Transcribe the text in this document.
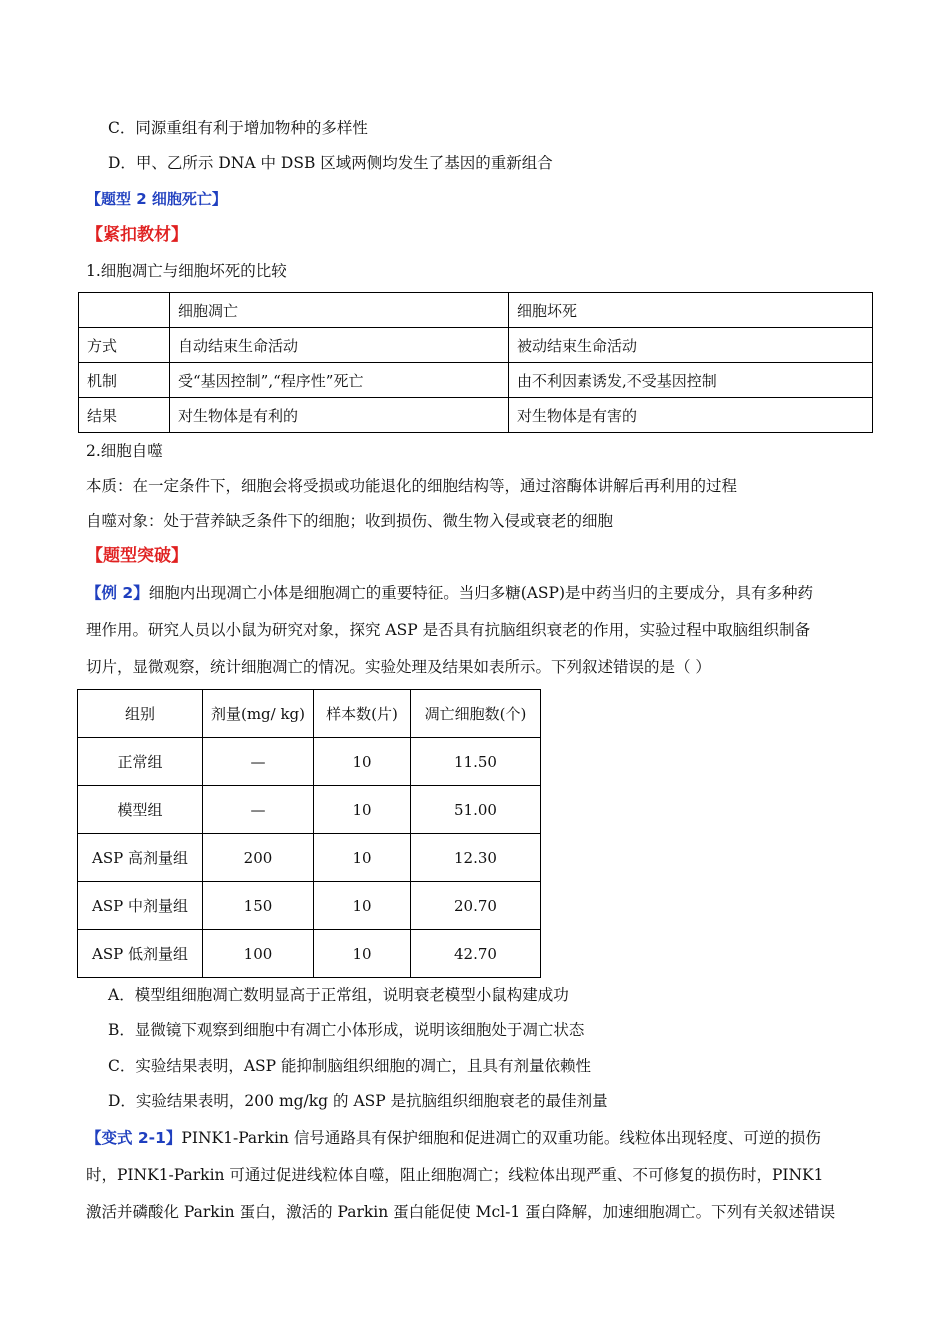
C．同源重组有利于增加物种的多样性
D．甲、乙所示 DNA 中 DSB 区域两侧均发生了基因的重新组合
【题型 2 细胞死亡】
【紧扣教材】
1.细胞凋亡与细胞坏死的比较
	细胞凋亡	细胞坏死
方式	自动结束生命活动	被动结束生命活动
机制	受“基因控制”,“程序性”死亡	由不利因素诱发,不受基因控制
结果	对生物体是有利的	对生物体是有害的
2.细胞自噬
本质：在一定条件下，细胞会将受损或功能退化的细胞结构等，通过溶酶体讲解后再利用的过程
自噬对象：处于营养缺乏条件下的细胞；收到损伤、微生物入侵或衰老的细胞
【题型突破】
【例 2】细胞内出现凋亡小体是细胞凋亡的重要特征。当归多糖(ASP)是中药当归的主要成分，具有多种药
理作用。研究人员以小鼠为研究对象，探究 ASP 是否具有抗脑组织衰老的作用，实验过程中取脑组织制备
切片，显微观察，统计细胞凋亡的情况。实验处理及结果如表所示。下列叙述错误的是（ ）
组别	剂量(mg/ kg)	样本数(片)	凋亡细胞数(个)
正常组	—	10	11.50
模型组	—	10	51.00
ASP 高剂量组	200	10	12.30
ASP 中剂量组	150	10	20.70
ASP 低剂量组	100	10	42.70
A．模型组细胞凋亡数明显高于正常组，说明衰老模型小鼠构建成功
B．显微镜下观察到细胞中有凋亡小体形成，说明该细胞处于凋亡状态
C．实验结果表明，ASP 能抑制脑组织细胞的凋亡，且具有剂量依赖性
D．实验结果表明，200 mg/kg 的 ASP 是抗脑组织细胞衰老的最佳剂量
【变式 2-1】PINK1-Parkin 信号通路具有保护细胞和促进凋亡的双重功能。线粒体出现轻度、可逆的损伤
时，PINK1-Parkin 可通过促进线粒体自噬，阻止细胞凋亡；线粒体出现严重、不可修复的损伤时，PINK1
激活并磷酸化 Parkin 蛋白，激活的 Parkin 蛋白能促使 Mcl-1 蛋白降解，加速细胞凋亡。下列有关叙述错误
